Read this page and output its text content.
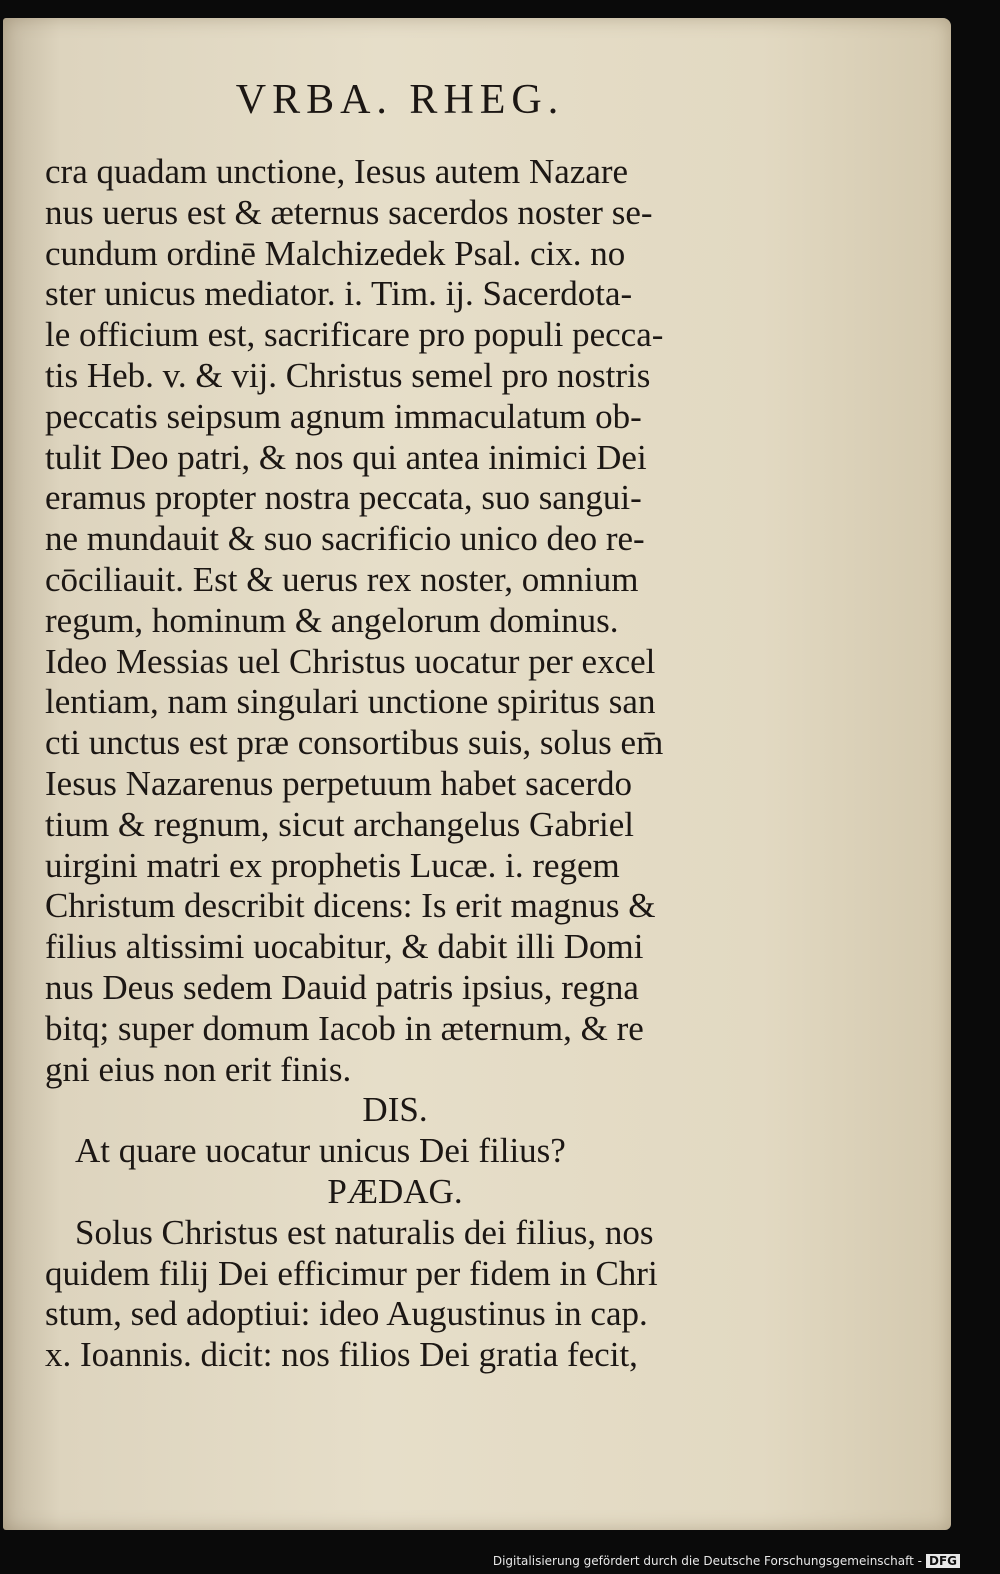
VRBA. RHEG.
cra quadam unctione, Iesus autem Nazare
nus uerus est & æternus sacerdos noster se-
cundum ordinē Malchizedek Psal. cix. no
ster unicus mediator. i. Tim. ij. Sacerdota-
le officium est, sacrificare pro populi pecca-
tis Heb. v. & vij. Christus semel pro nostris
peccatis seipsum agnum immaculatum ob-
tulit Deo patri, & nos qui antea inimici Dei
eramus propter nostra peccata, suo sangui-
ne mundauit & suo sacrificio unico deo re-
cōciliauit. Est & uerus rex noster, omnium
regum, hominum & angelorum dominus.
Ideo Messias uel Christus uocatur per excel
lentiam, nam singulari unctione spiritus san
cti unctus est præ consortibus suis, solus em̄
Iesus Nazarenus perpetuum habet sacerdo
tium & regnum, sicut archangelus Gabriel
uirgini matri ex prophetis Lucæ. i. regem
Christum describit dicens: Is erit magnus &
filius altissimi uocabitur, & dabit illi Domi
nus Deus sedem Dauid patris ipsius, regna
bitq; super domum Iacob in æternum, & re
gni eius non erit finis.
DIS.
At quare uocatur unicus Dei filius?
PÆDAG.
Solus Christus est naturalis dei filius, nos
quidem filij Dei efficimur per fidem in Chri
stum, sed adoptiui: ideo Augustinus in cap.
x. Ioannis. dicit: nos filios Dei gratia fecit,
Digitalisierung gefördert durch die Deutsche Forschungsgemeinschaft - DFG
